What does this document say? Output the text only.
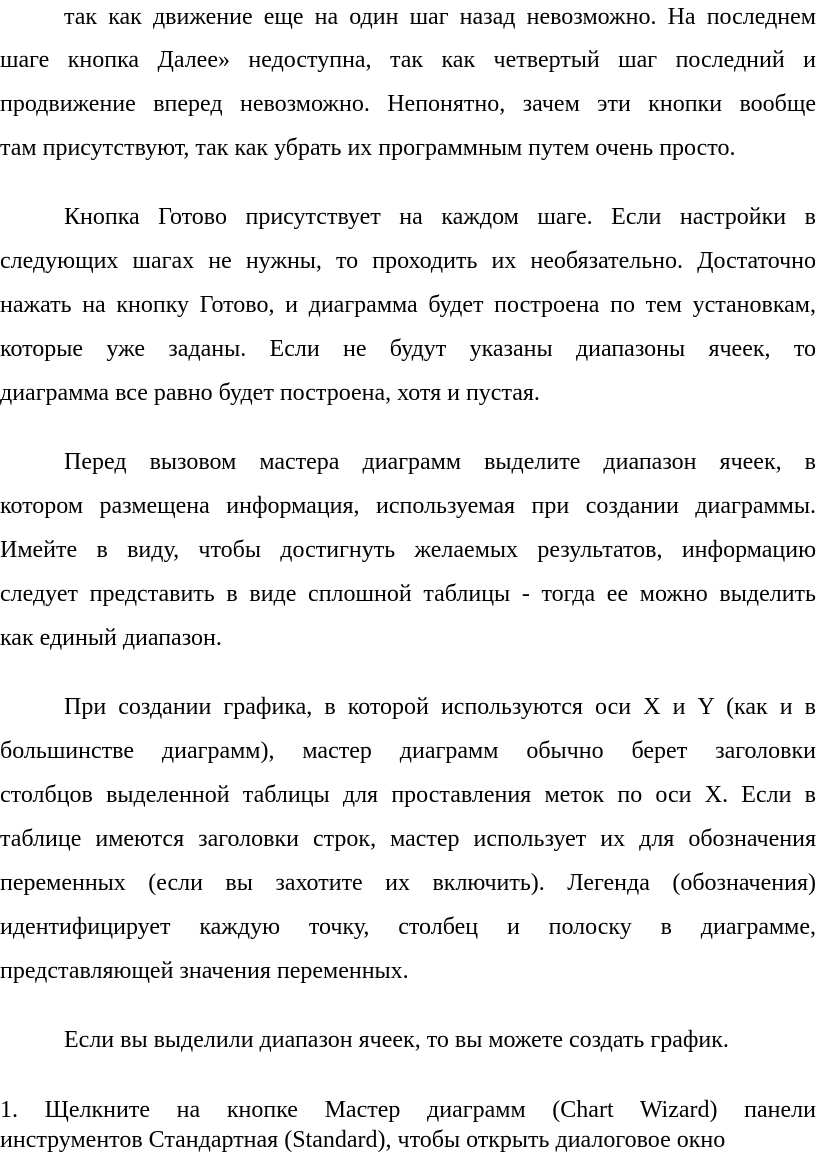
так как движение еще на один шаг назад невозможно. На последнем
шаге кнопка Далее» недоступна, так как четвертый шаг последний и
продвижение вперед невозможно. Непонятно, зачем эти кнопки вообще
там присутствуют, так как убрать их программным путем очень просто.
Кнопка Готово присутствует на каждом шаге. Если настройки в
следующих шагах не нужны, то проходить их необязательно. Достаточно
нажать на кнопку Готово, и диаграмма будет построена по тем установкам,
которые уже заданы. Если не будут указаны диапазоны ячеек, то
диаграмма все равно будет построена, хотя и пустая.
Перед вызовом мастера диаграмм выделите диапазон ячеек, в
котором размещена информация, используемая при создании диаграммы.
Имейте в виду, чтобы достигнуть желаемых результатов, информацию
следует представить в виде сплошной таблицы - тогда ее можно выделить
как единый диапазон.
При создании графика, в которой используются оси X и Y (как и в
большинстве диаграмм), мастер диаграмм обычно берет заголовки
столбцов выделенной таблицы для проставления меток по оси X. Если в
таблице имеются заголовки строк, мастер использует их для обозначения
переменных (если вы захотите их включить). Легенда (обозначения)
идентифицирует каждую точку, столбец и полоску в диаграмме,
представляющей значения переменных.
Если вы выделили диапазон ячеек, то вы можете создать график.
1. Щелкните на кнопке Мастер диаграмм (Chart Wizard) панели
инструментов Стандартная (Standard), чтобы открыть диалоговое окно
